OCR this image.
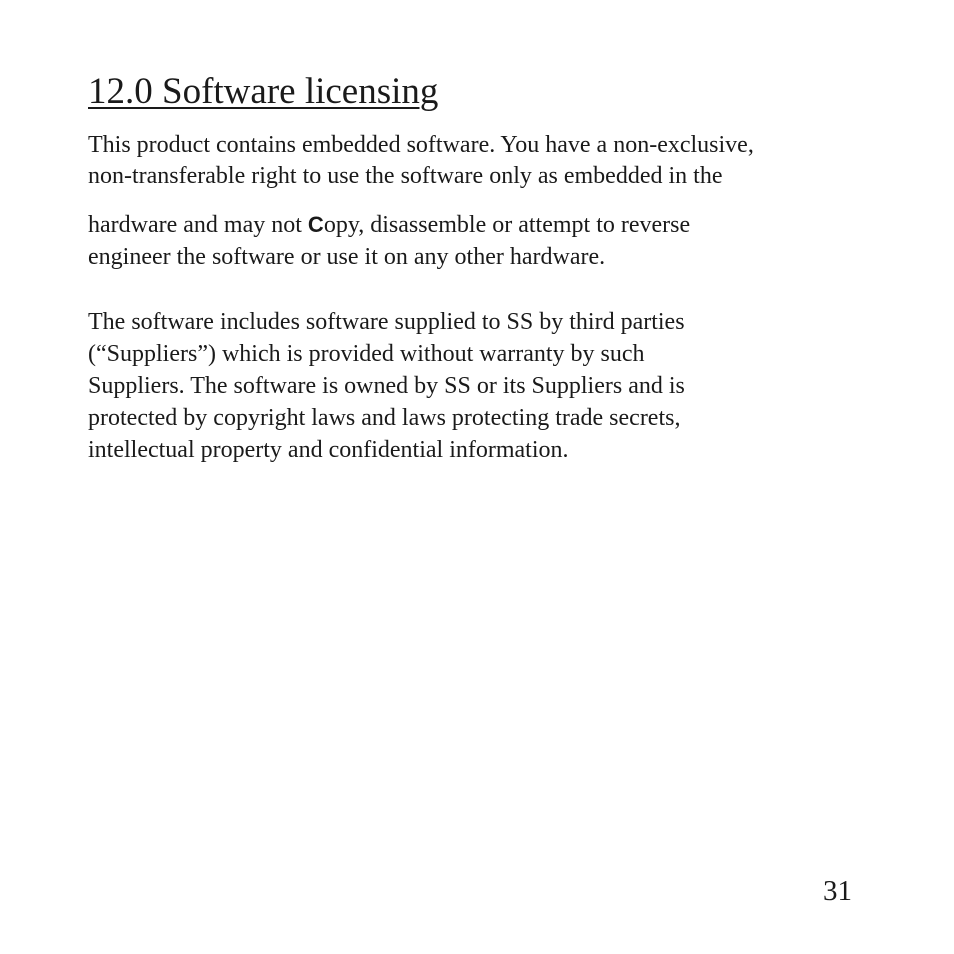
12.0 Software licensing

This product contains embedded software. You have a non-exclusive,

non-transferable right to use the software only as embedded in the

hardware and may not Copy, disassemble or attempt to reverse

engineer the software or use it on any other hardware.

The software includes software supplied to SS by third parties

(“Suppliers”) which is provided without warranty by such

Suppliers. The software is owned by SS or its Suppliers and is

protected by copyright laws and laws protecting trade secrets,

intellectual property and confidential information.

31
